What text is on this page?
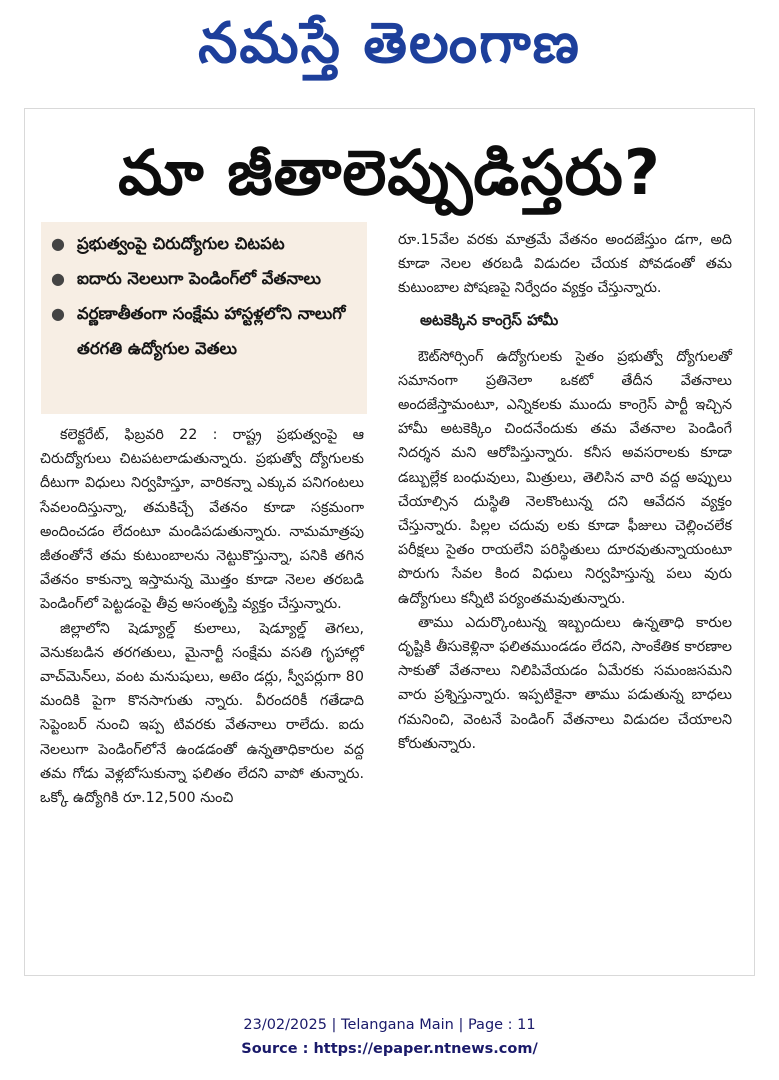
నమస్తే తెలంగాణ
మా జీతాలెప్పుడిస్తరు?
● ప్రభుత్వంపై చిరుద్యోగుల చిటపట
● ఐదారు నెలలుగా పెండింగ్‌లో వేతనాలు
● వర్ణణాతీతంగా సంక్షేమ హాస్టళ్లలోని నాలుగో తరగతి ఉద్యోగుల వెతలు

కలెక్టరేట్, ఫిబ్రవరి 22 : రాష్ట్ర ప్రభుత్వంపై ఆ చిరుద్యోగులు చిటపటలాడుతున్నారు. ప్రభుత్వో ద్యోగులకు దీటుగా విధులు నిర్వహిస్తూ, వారికన్నా ఎక్కువ పనిగంటలు సేవలందిస్తున్నా, తమకిచ్చే వేతనం కూడా సక్రమంగా అందించడం లేదంటూ మండిపడుతున్నారు. నామమాత్రపు జీతంతోనే తమ కుటుంబాలను నెట్టుకొస్తున్నా, పనికి తగిన వేతనం కాకున్నా ఇస్తామన్న మొత్తం కూడా నెలల తరబడి పెండింగ్‌లో పెట్టడంపై తీవ్ర అసంతృప్తి వ్యక్తం చేస్తున్నారు.

జిల్లాలోని షెడ్యూల్డ్ కులాలు, షెడ్యూల్డ్ తెగలు, వెనుకబడిన తరగతులు, మైనార్టీ సంక్షేమ వసతి గృహాల్లో వాచ్‌మెన్‌లు, వంట మనుషులు, అటెం డర్లు, స్వీపర్లుగా 80 మందికి పైగా కొనసాగుతు న్నారు. వీరందరికీ గతేడాది సెప్టెంబర్ నుంచి ఇప్ప టివరకు వేతనాలు రాలేదు. ఐదు నెలలుగా పెండింగ్‌లోనే ఉండడంతో ఉన్నతాధికారుల వద్ద తమ గోడు వెళ్లబోసుకున్నా ఫలితం లేదని వాపో తున్నారు. ఒక్కో ఉద్యోగికి రూ.12,500 నుంచి

రూ.15వేల వరకు మాత్రమే వేతనం అందజేస్తుం డగా, అది కూడా నెలల తరబడి విడుదల చేయక పోవడంతో తమ కుటుంబాల పోషణపై నిర్వేదం వ్యక్తం చేస్తున్నారు.

అటకెక్కిన కాంగ్రెస్ హామీ

ఔట్‌సోర్సింగ్ ఉద్యోగులకు సైతం ప్రభుత్వో ద్యోగులతో సమానంగా ప్రతినెలా ఒకటో తేదీన వేతనాలు అందజేస్తామంటూ, ఎన్నికలకు ముందు కాంగ్రెస్ పార్టీ ఇచ్చిన హామీ అటకెక్కిం చిందనేందుకు తమ వేతనాల పెండింగే నిదర్శన మని ఆరోపిస్తున్నారు. కనీస అవసరాలకు కూడా డబ్బుల్లేక బంధువులు, మిత్రులు, తెలిసిన వారి వద్ద అప్పులు చేయాల్సిన దుస్థితి నెలకొంటున్న దని ఆవేదన వ్యక్తం చేస్తున్నారు. పిల్లల చదువు లకు కూడా ఫీజులు చెల్లించలేక పరీక్షలు సైతం రాయలేని పరిస్థితులు దూరవుతున్నాయంటూ పొరుగు సేవల కింద విధులు నిర్వహిస్తున్న పలు వురు ఉద్యోగులు కన్నీటి పర్యంతమవుతున్నారు.

తాము ఎదుర్కొంటున్న ఇబ్బందులు ఉన్నతాధి కారుల దృష్టికి తీసుకెళ్లినా ఫలితముండడం లేదని, సాంకేతిక కారణాల సాకుతో వేతనాలు నిలిపివేయడం ఏమేరకు సమంజసమని వారు ప్రశ్నిస్తున్నారు. ఇప్పటికైనా తాము పడుతున్న బాధలు గమనించి, వెంటనే పెండింగ్ వేతనాలు విడుదల చేయాలని కోరుతున్నారు.

23/02/2025 | Telangana Main | Page : 11
Source : https://epaper.ntnews.com/
